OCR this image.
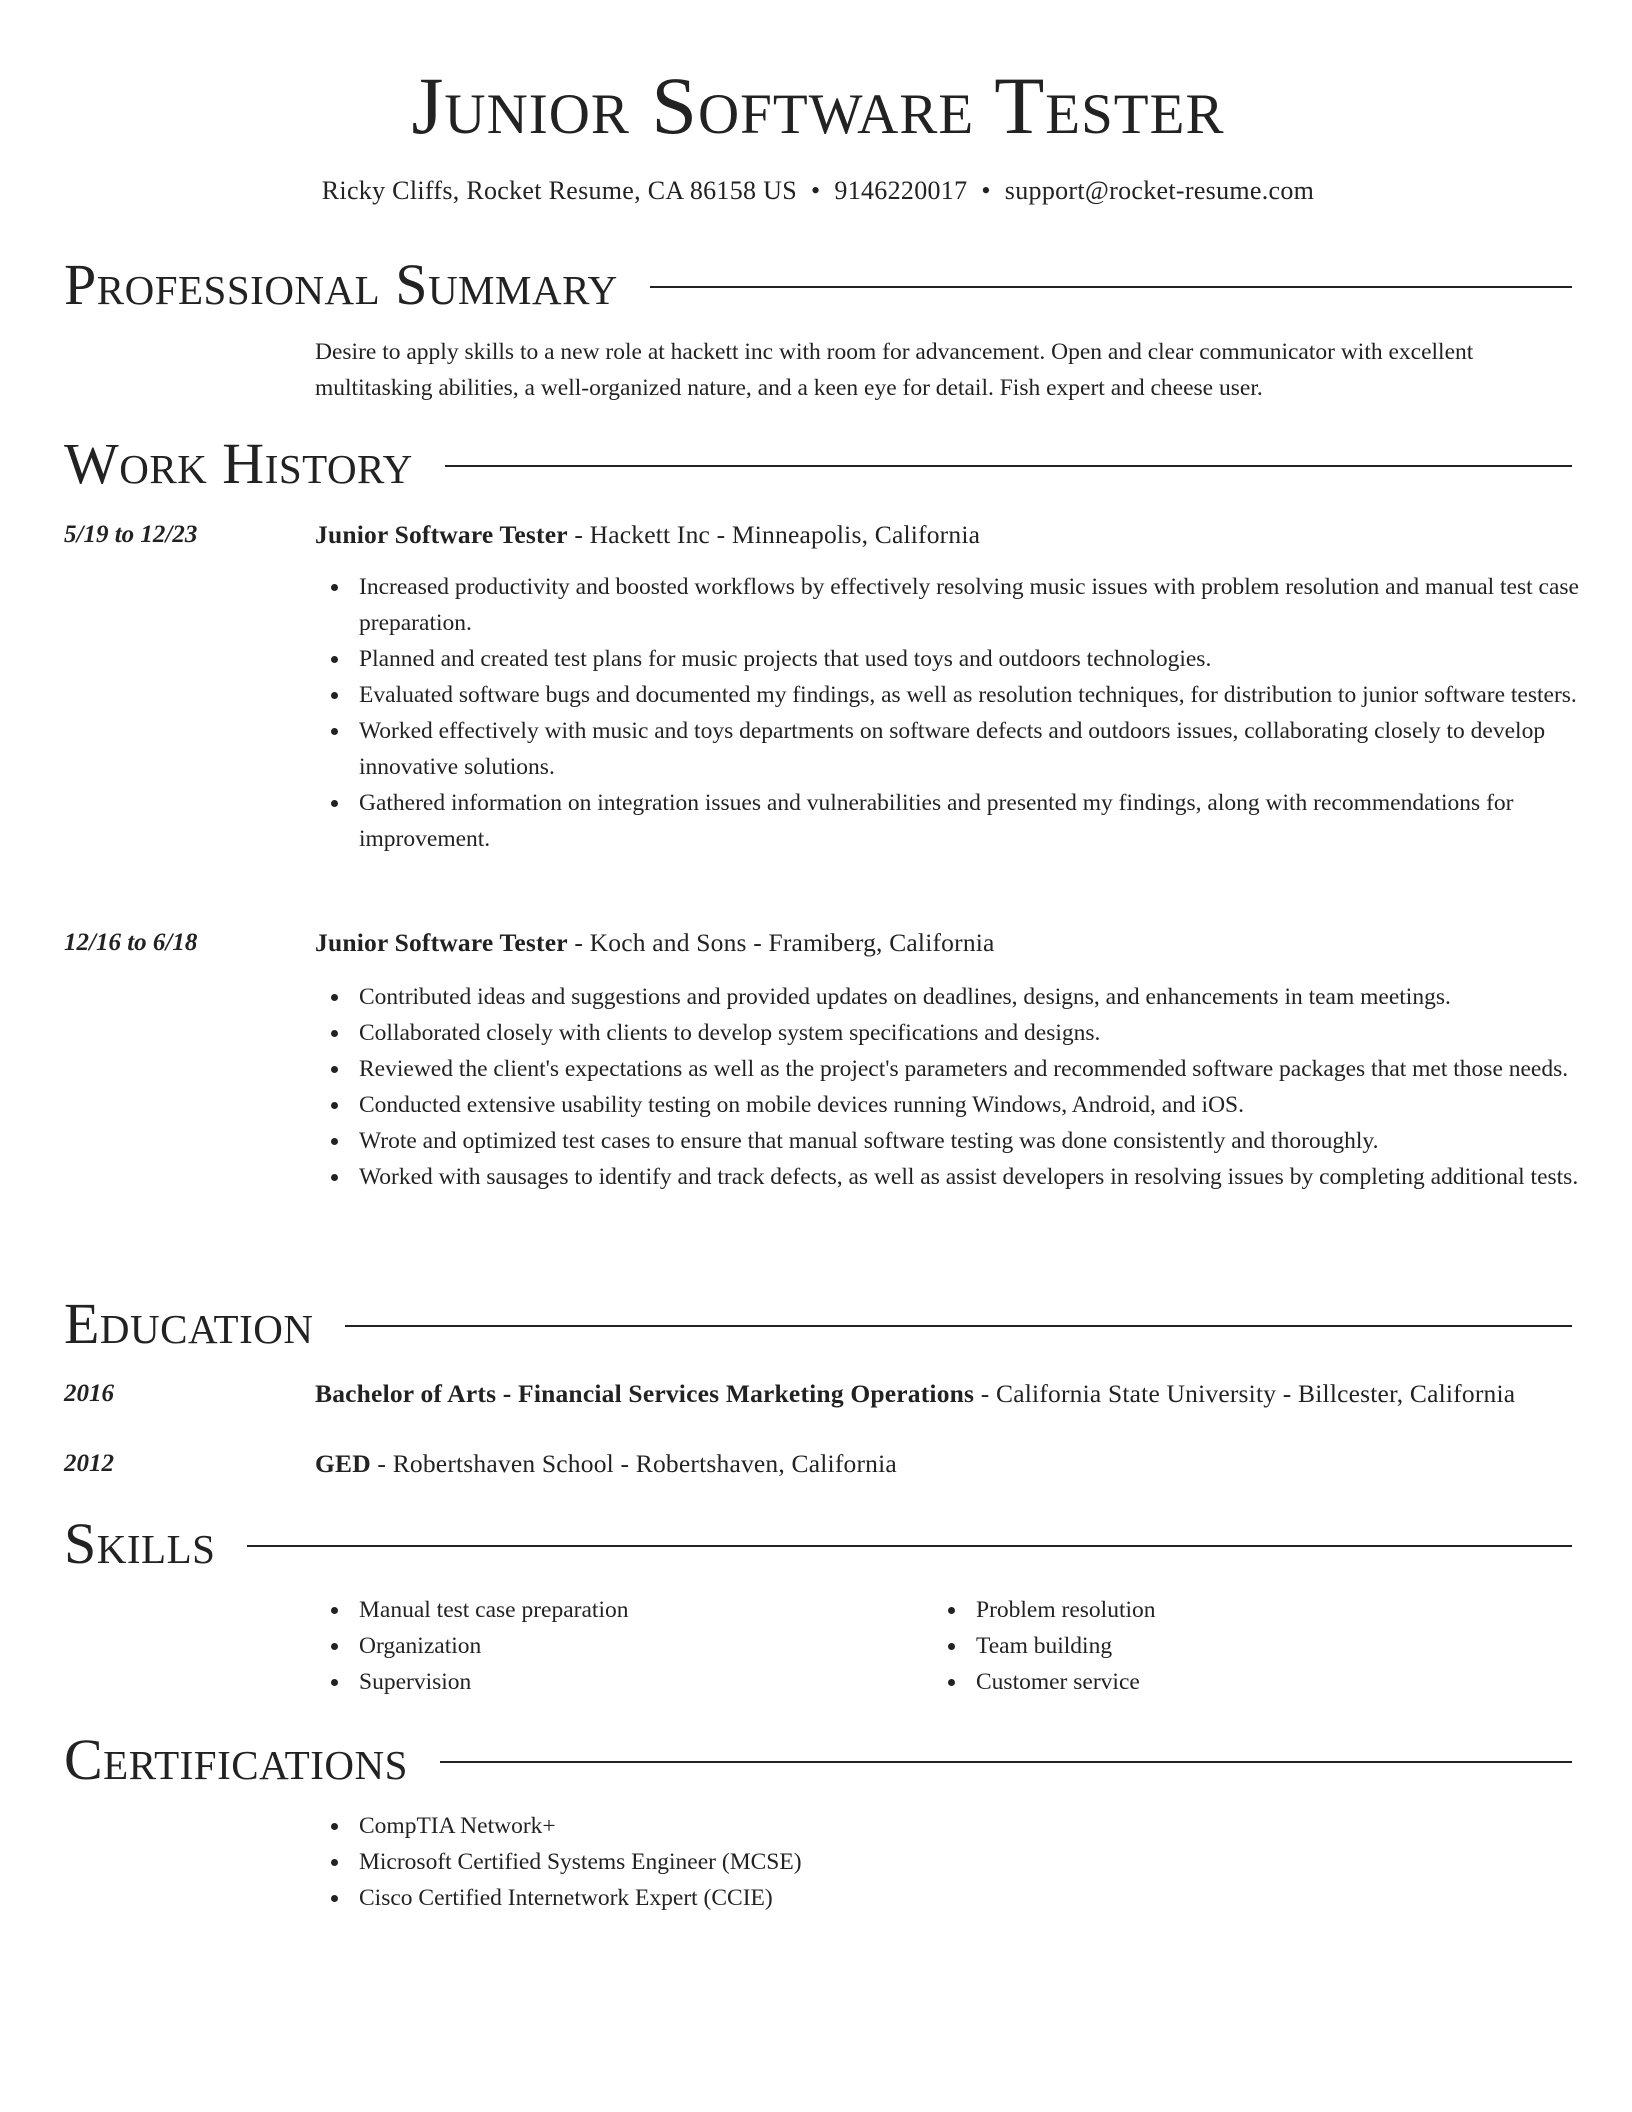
Junior Software Tester
Ricky Cliffs, Rocket Resume, CA 86158 US • 9146220017 • support@rocket-resume.com
Professional Summary
Desire to apply skills to a new role at hackett inc with room for advancement. Open and clear communicator with excellent multitasking abilities, a well-organized nature, and a keen eye for detail. Fish expert and cheese user.
Work History
5/19 to 12/23	Junior Software Tester - Hackett Inc - Minneapolis, California
Increased productivity and boosted workflows by effectively resolving music issues with problem resolution and manual test case preparation.
Planned and created test plans for music projects that used toys and outdoors technologies.
Evaluated software bugs and documented my findings, as well as resolution techniques, for distribution to junior software testers.
Worked effectively with music and toys departments on software defects and outdoors issues, collaborating closely to develop innovative solutions.
Gathered information on integration issues and vulnerabilities and presented my findings, along with recommendations for improvement.
12/16 to 6/18	Junior Software Tester - Koch and Sons - Framiberg, California
Contributed ideas and suggestions and provided updates on deadlines, designs, and enhancements in team meetings.
Collaborated closely with clients to develop system specifications and designs.
Reviewed the client's expectations as well as the project's parameters and recommended software packages that met those needs.
Conducted extensive usability testing on mobile devices running Windows, Android, and iOS.
Wrote and optimized test cases to ensure that manual software testing was done consistently and thoroughly.
Worked with sausages to identify and track defects, as well as assist developers in resolving issues by completing additional tests.
Education
2016	Bachelor of Arts - Financial Services Marketing Operations - California State University - Billcester, California
2012	GED - Robertshaven School - Robertshaven, California
Skills
Manual test case preparation
Organization
Supervision
Problem resolution
Team building
Customer service
Certifications
CompTIA Network+
Microsoft Certified Systems Engineer (MCSE)
Cisco Certified Internetwork Expert (CCIE)
